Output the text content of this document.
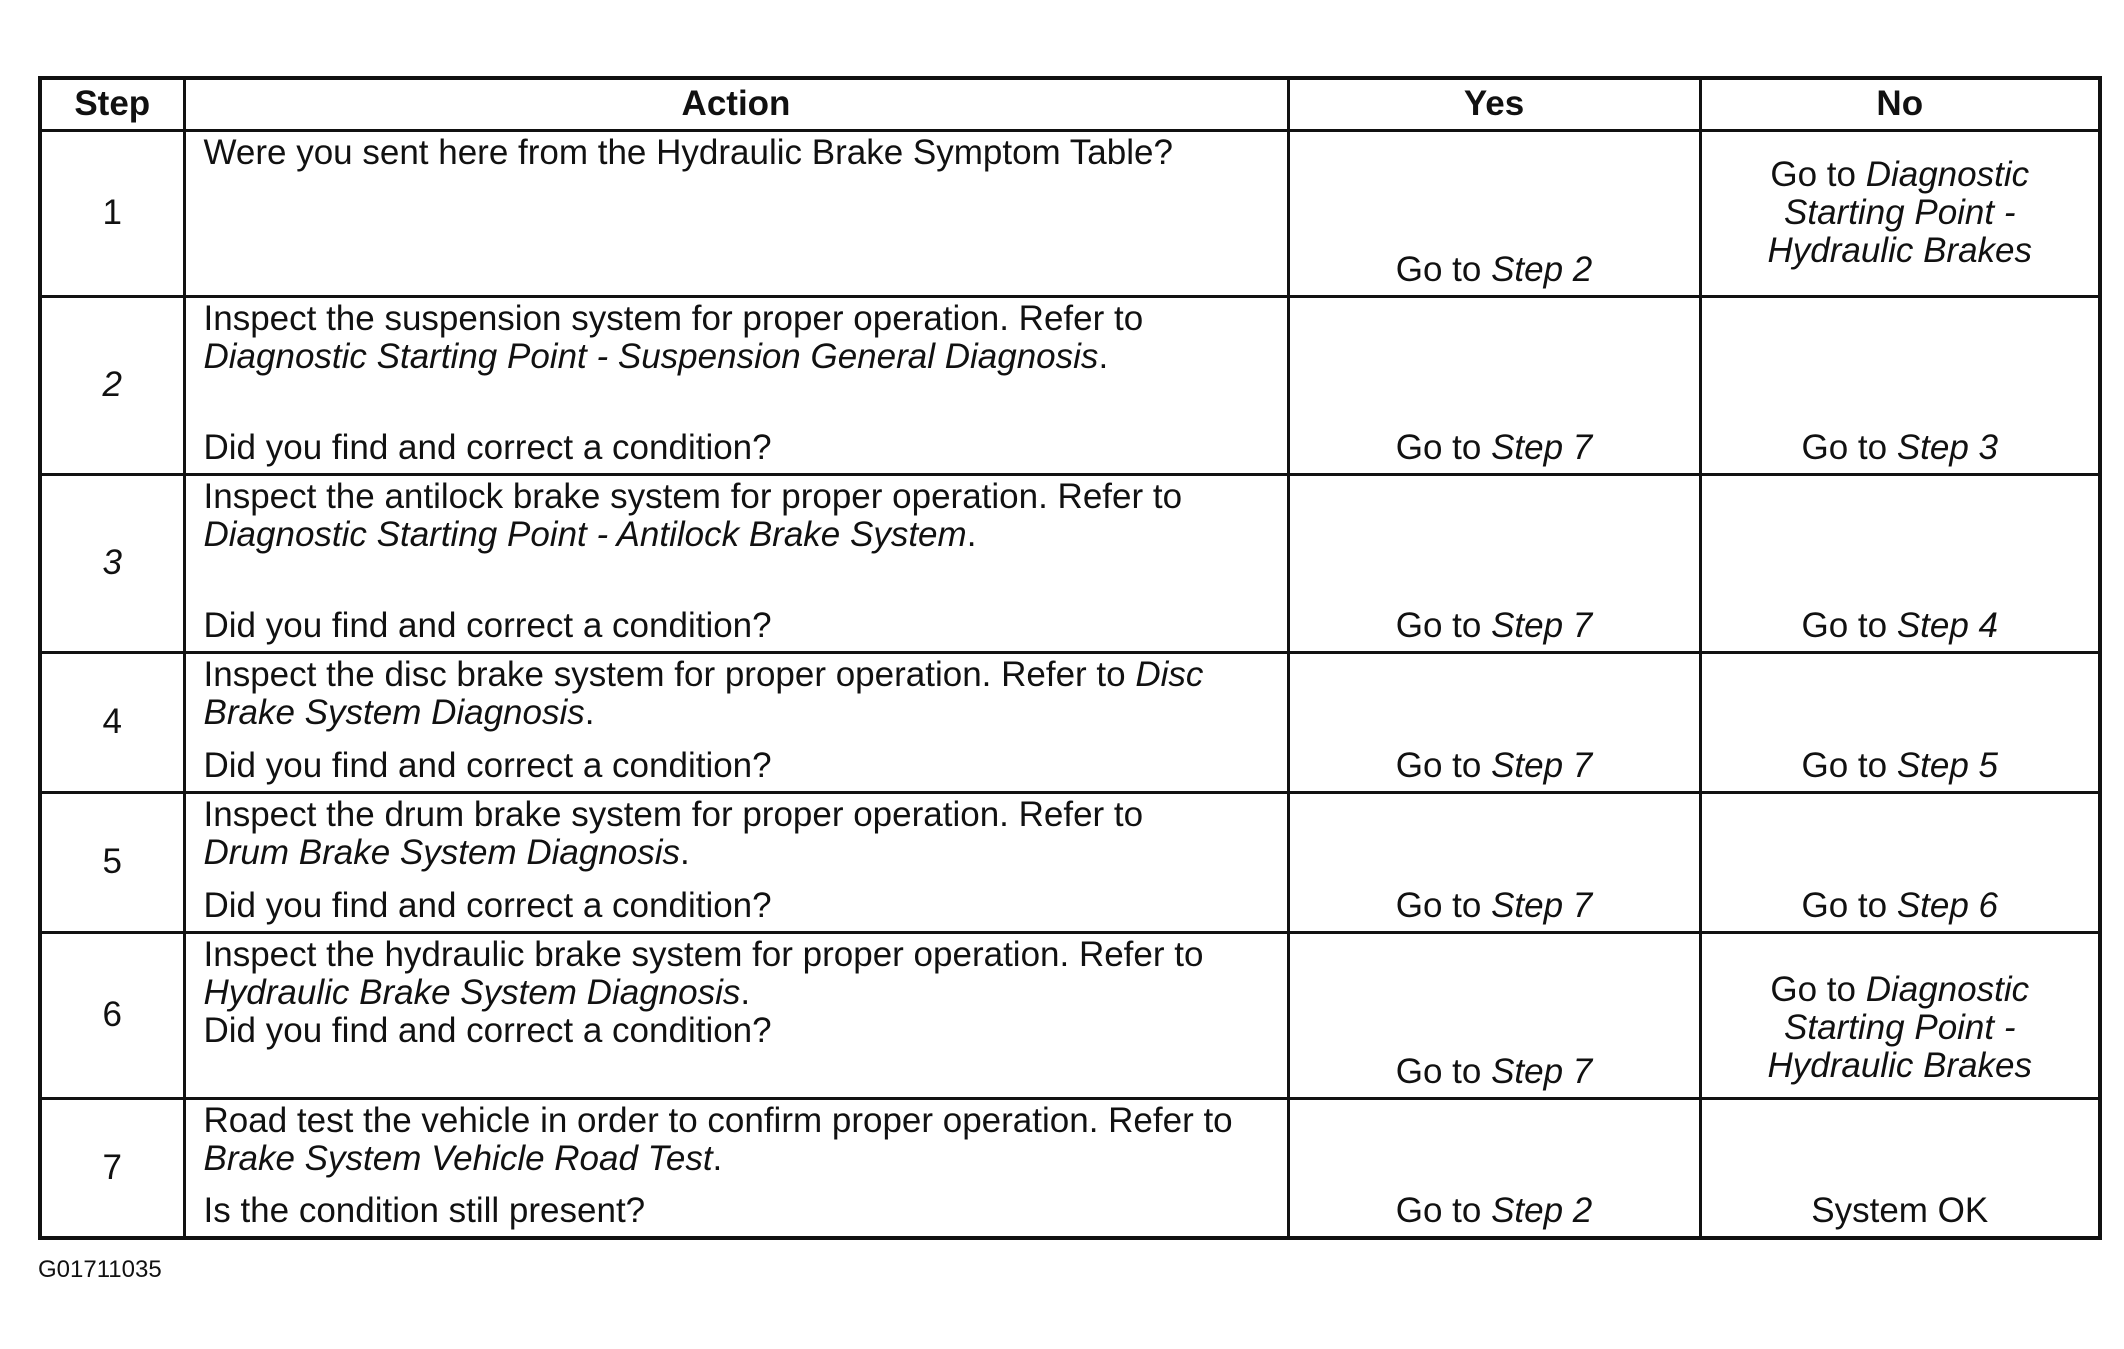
Step	Action	Yes	No
1	Were you sent here from the Hydraulic Brake Symptom Table?	Go to Step 2	Go to Diagnostic Starting Point - Hydraulic Brakes

2	Inspect the suspension system for proper operation. Refer to
Diagnostic Starting Point - Suspension General Diagnosis.
Did you find and correct a condition?	Go to Step 7	Go to Step 3
3	Inspect the antilock brake system for proper operation. Refer to
Diagnostic Starting Point - Antilock Brake System.
Did you find and correct a condition?	Go to Step 7	Go to Step 4
4	Inspect the disc brake system for proper operation. Refer to Disc Brake System Diagnosis.
Did you find and correct a condition?	Go to Step 7	Go to Step 5
5	Inspect the drum brake system for proper operation. Refer to
Drum Brake System Diagnosis.
Did you find and correct a condition?	Go to Step 7	Go to Step 6
6	Inspect the hydraulic brake system for proper operation. Refer to
Hydraulic Brake System Diagnosis.
Did you find and correct a condition?	Go to Step 7	Go to Diagnostic Starting Point - Hydraulic Brakes

7	Road test the vehicle in order to confirm proper operation. Refer to Brake System Vehicle Road Test.
Is the condition still present?	Go to Step 2	System OK
G01711035
